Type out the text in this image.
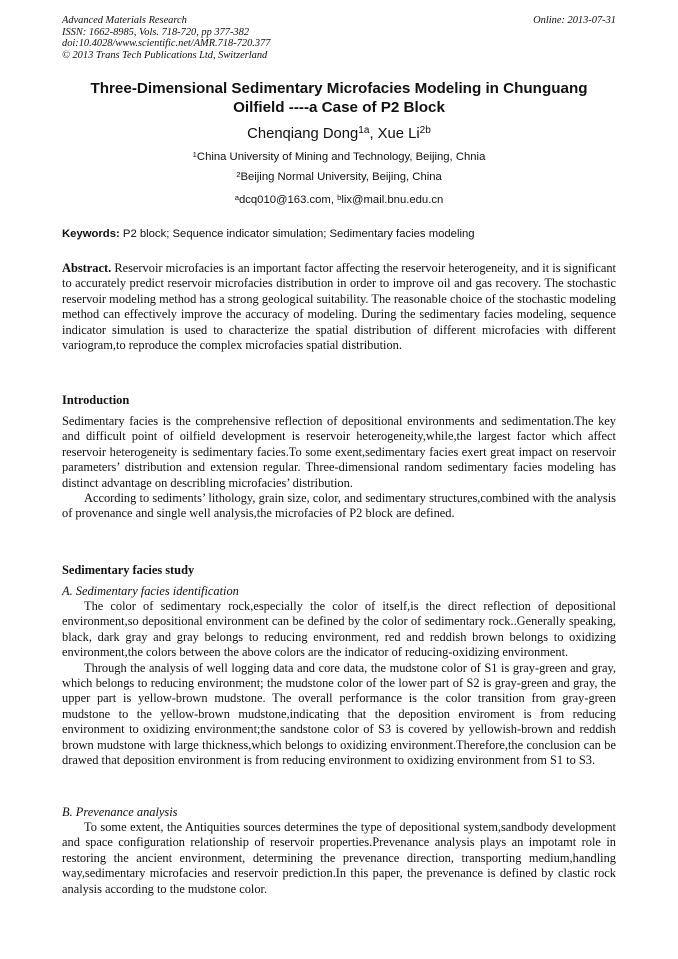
Advanced Materials Research
ISSN: 1662-8985, Vols. 718-720, pp 377-382
doi:10.4028/www.scientific.net/AMR.718-720.377
© 2013 Trans Tech Publications Ltd, Switzerland
Online: 2013-07-31
Three-Dimensional Sedimentary Microfacies Modeling in Chunguang
Oilfield ----a Case of P2 Block
Chenqiang Dong$^{1a}$, Xue $Li^{2b}$
$^1$China University of Mining and Technology, Beijing, Chnia
$^2$Beijing Normal University, Beijing, China
$^a$dcq010@163.com, $^b$lix@mail.bnu.edu.cn
Keywords: P2 block; Sequence indicator simulation; Sedimentary facies modeling

Abstract. Reservoir microfacies is an important factor affecting the reservoir heterogeneity, and it is significant to accurately predict reservoir microfacies distribution in order to improve oil and gas recovery. The stochastic reservoir modeling method has a strong geological suitability. The reasonable choice of the stochastic modeling method can effectively improve the accuracy of modeling. During the sedimentary facies modeling, sequence indicator simulation is used to characterize the spatial distribution of different microfacies with different variogram,to reproduce the complex microfacies spatial distribution.

Introduction

Sedimentary facies is the comprehensive reflection of depositional environments and sedimentation.The key and difficult point of oilfield development is reservoir heterogeneity,while,the largest factor which affect reservoir heterogeneity is sedimentary facies.To some exent,sedimentary facies exert great impact on reservoir parameters’ distribution and extension regular. Three-dimensional random sedimentary facies modeling has distinct advantage on describling microfacies’ distribution.

According to sediments’ lithology, grain size, color, and sedimentary structures,combined with the analysis of provenance and single well analysis,the microfacies of P2 block are defined.

Sedimentary facies study
A. Sedimentary facies identification

The color of sedimentary rock,especially the color of itself,is the direct reflection of depositional environment,so depositional environment can be defined by the color of sedimentary rock..Generally speaking, black, dark gray and gray belongs to reducing environment, red and reddish brown belongs to oxidizing environment,the colors between the above colors are the indicator of reducing-oxidizing environment.

Through the analysis of well logging data and core data, the mudstone color of S1 is gray-green and gray, which belongs to reducing environment; the mudstone color of the lower part of S2 is gray-green and gray, the upper part is yellow-brown mudstone. The overall performance is the color transition from gray-green mudstone to the yellow-brown mudstone,indicating that the deposition enviroment is from reducing environment to oxidizing environment;the sandstone color of S3 is covered by yellowish-brown and reddish brown mudstone with large thickness,which belongs to oxidizing environment.Therefore,the conclusion can be drawed that deposition environment is from reducing environment to oxidizing environment from S1 to S3.

B. Prevenance analysis

To some extent, the Antiquities sources determines the type of depositional system,sandbody development and space configuration relationship of reservoir properties.Prevenance analysis plays an impotamt role in restoring the ancient environment, determining the prevenance direction, transporting medium,handling way,sedimentary microfacies and reservoir prediction.In this paper, the prevenance is defined by clastic rock analysis according to the mudstone color.
